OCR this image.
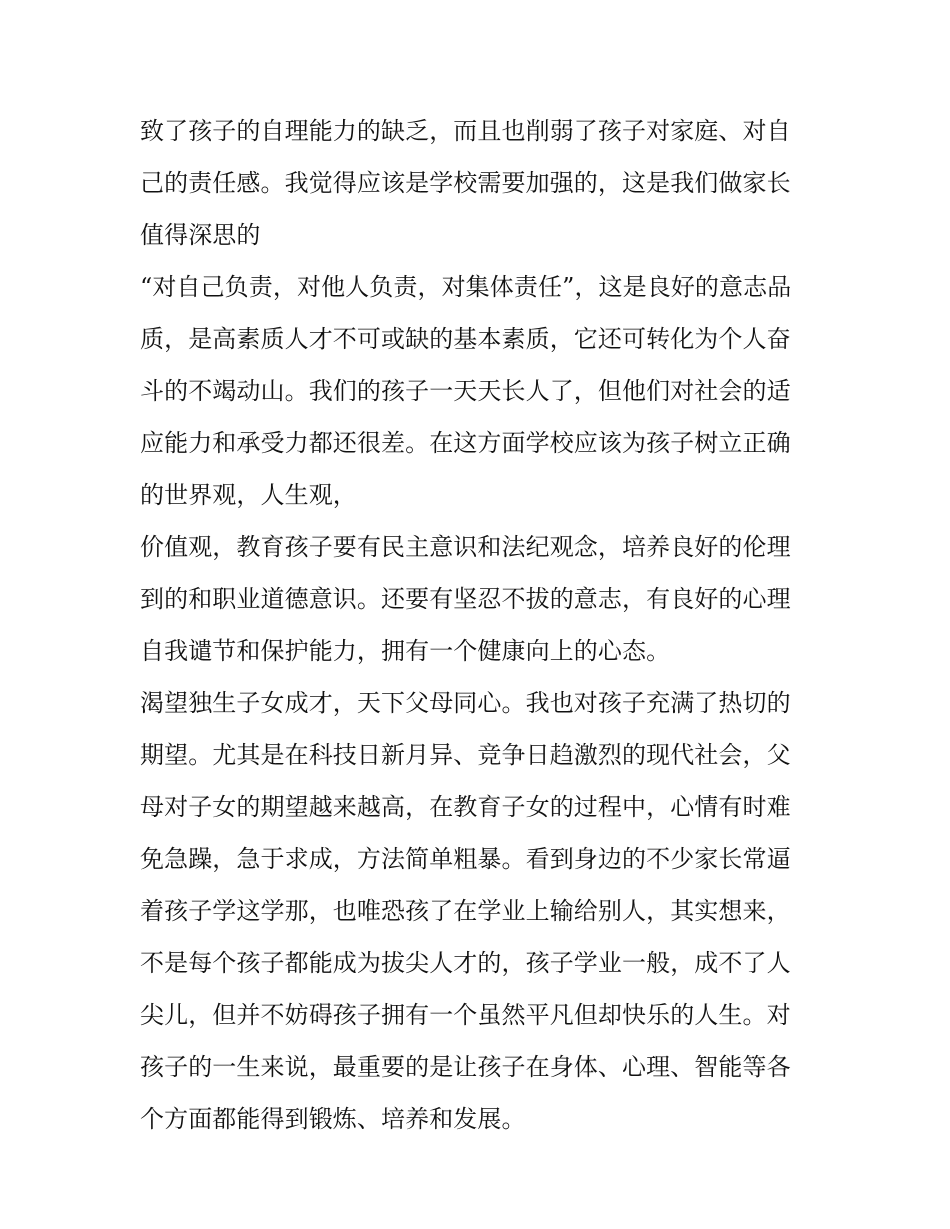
致了孩子的自理能力的缺乏，而且也削弱了孩子对家庭、对自
己的责任感。我觉得应该是学校需要加强的，这是我们做家长
值得深思的
“对自己负责，对他人负责，对集体责任”，这是良好的意志品
质，是高素质人才不可或缺的基本素质，它还可转化为个人奋
斗的不竭动山。我们的孩子一天天长人了，但他们对社会的适
应能力和承受力都还很差。在这方面学校应该为孩子树立正确
的世界观，人生观，
价值观，教育孩子要有民主意识和法纪观念，培养良好的伦理
到的和职业道德意识。还要有坚忍不拔的意志，有良好的心理
自我谴节和保护能力，拥有一个健康向上的心态。
渴望独生子女成才，天下父母同心。我也对孩子充满了热切的
期望。尤其是在科技日新月异、竞争日趋激烈的现代社会，父
母对子女的期望越来越高，在教育子女的过程中，心情有时难
免急躁，急于求成，方法简单粗暴。看到身边的不少家长常逼
着孩子学这学那，也唯恐孩了在学业上输给别人，其实想来，
不是每个孩子都能成为拔尖人才的，孩子学业一般，成不了人
尖儿，但并不妨碍孩子拥有一个虽然平凡但却快乐的人生。对
孩子的一生来说，最重要的是让孩子在身体、心理、智能等各
个方面都能得到锻炼、培养和发展。
